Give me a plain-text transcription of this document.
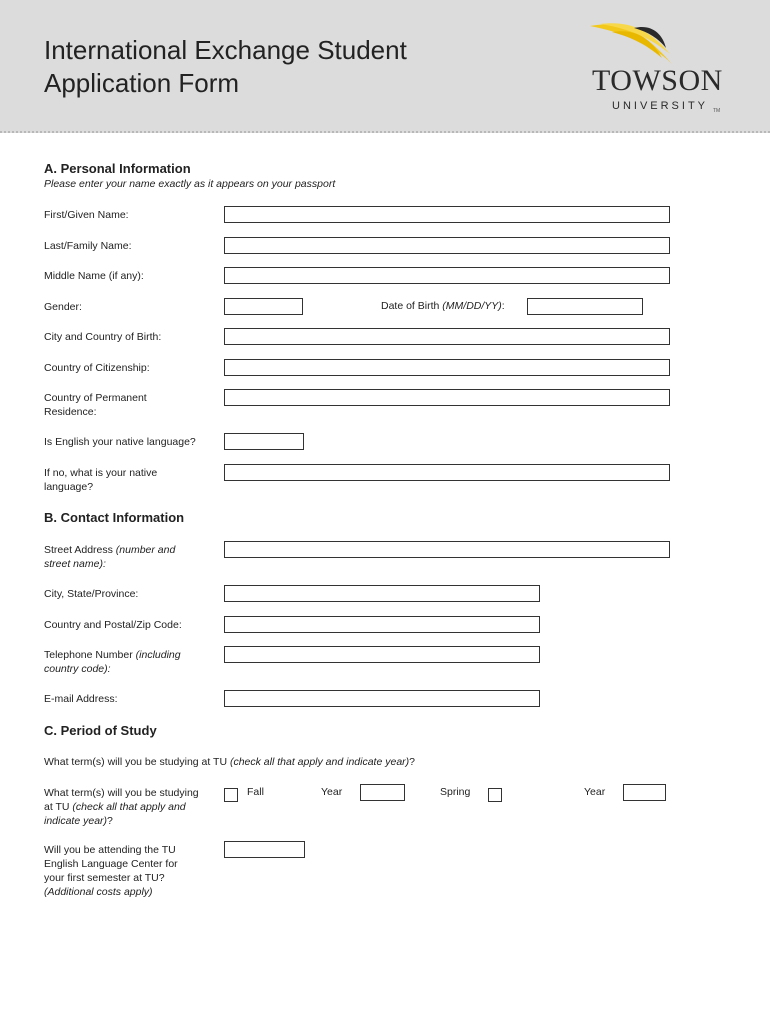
International Exchange Student
Application Form	TOWSON
UNIVERSITY TM
A. Personal Information
Please enter your name exactly as it appears on your passport
First/Given Name:
Last/Family Name:
Middle Name (if any):
Gender:	Date of Birth (MM/DD/YY):
City and Country of Birth:
Country of Citizenship:
Country of Permanent
Residence:
Is English your native language?
If no, what is your native
language?
B. Contact Information
Street Address (number and
street name):
City, State/Province:
Country and Postal/Zip Code:
Telephone Number (including
country code):
E-mail Address:
C. Period of Study
What term(s) will you be studying at TU (check all that apply and indicate year)?
What term(s) will you be studying
at TU (check all that apply and
indicate year)?
Fall	Year	Spring	Year
Will you be attending the TU
English Language Center for
your first semester at TU?
(Additional costs apply)
